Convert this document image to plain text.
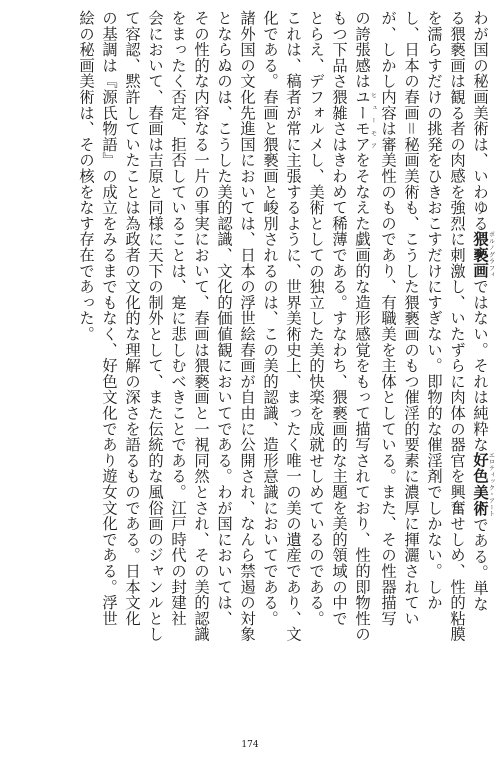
わが国の秘画美術は、いわゆる猥褻画ポルノグラフィではない。それは純粋な好色美術エロティック・アートである。単な
る猥褻画は観る者の肉感を強烈に刺激し、いたずらに肉体の器官を興奮せしめ、性的粘膜
を濡らすだけの挑発をひきおこすだけにすぎない。即物的な催淫剤でしかない。しか
し、日本の春画＝秘画美術も、こうした猥褻画のもつ催淫的要素に濃厚に揮灑されてい
が、しかし内容は審美性のものであり、有職美を主体としている。また、その性器描写
の誇張感はユーモアヒューモアをそなえた戯画的な造形感覚をもって描写されており、性的即物性の
もつ下品さ猥雑さはきわめて稀薄である。すなわち、猥褻画的な主題を美的領域の中で
とらえ、デフォルメし、美術としての独立した美的快楽を成就せしめているのである。
これは、稿者が常に主張するように、世界美術史上、まったく唯一の美の遺産であり、文
化である。春画と猥褻画と峻別されるのは、この美的認識、造形意識においてである。
諸外国の文化先進国においては、日本の浮世絵春画が自由に公開され、なんら禁遏の対象
とならぬのは、こうした美的認識、文化的価値観においてである。わが国においては、
その性的な内容なる一片の事実において、春画は猥褻画と一視同然とされ、その美的認識
をまったく否定、拒否していることは、寔に悲しむべきことである。江戸時代の封建社
会において、春画は吉原と同様に天下の制外として、また伝統的な風俗画のジャンルとし
て容認、黙許していたことは為政者の文化的な理解の深さを語るものである。日本文化
の基調は『源氏物語』の成立をみるまでもなく、好色文化であり遊女文化である。浮世
絵の秘画美術は、その核をなす存在であった。
174
